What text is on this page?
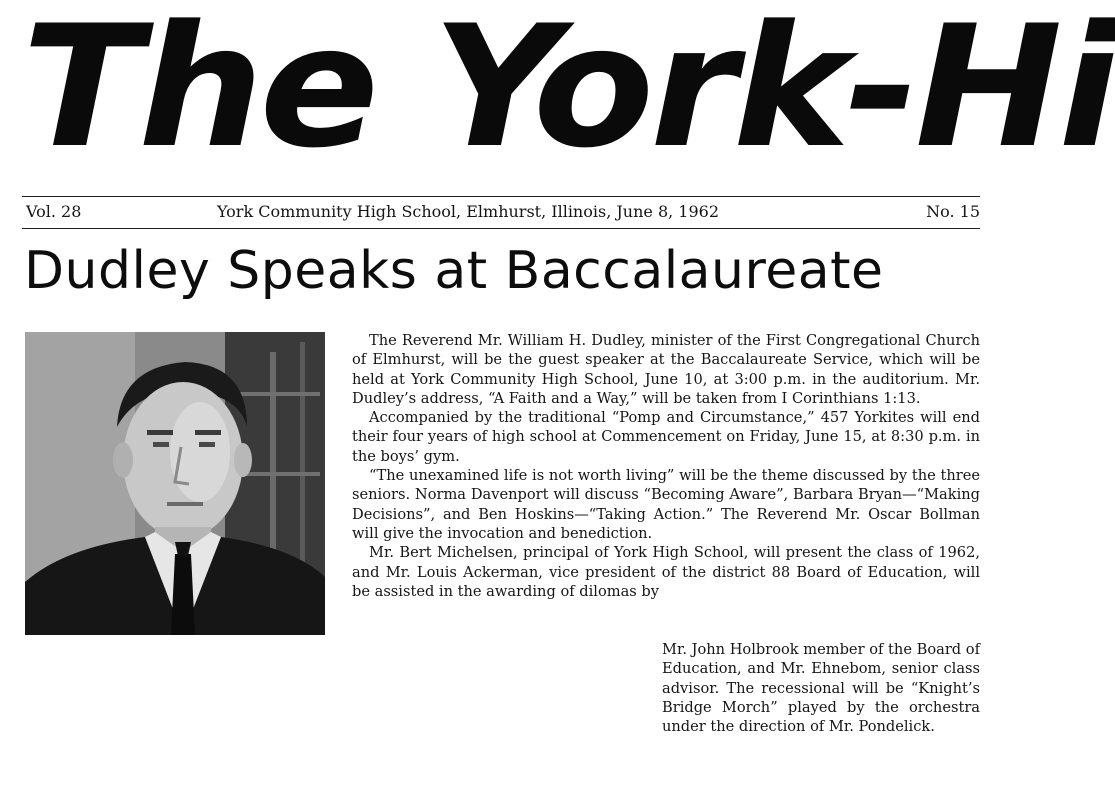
The York-Hi
Vol. 28	York Community High School, Elmhurst, Illinois, June 8, 1962	No. 15
Dudley Speaks at Baccalaureate

The Reverend Mr. William H. Dudley, minister of the First Congregational Church of Elmhurst, will be the guest speaker at the Baccalaureate Service, which will be held at York Community High School, June 10, at 3:00 p.m. in the auditorium. Mr. Dudley’s address, “A Faith and a Way,” will be taken from I Corinthians 1:13.

Accompanied by the traditional “Pomp and Circumstance,” 457 Yorkites will end their four years of high school at Commencement on Friday, June 15, at 8:30 p.m. in the boys’ gym.

“The unexamined life is not worth living” will be the theme discussed by the three seniors. Norma Davenport will discuss “Becoming Aware”, Barbara Bryan—“Making Decisions”, and Ben Hoskins—“Taking Action.” The Reverend Mr. Oscar Bollman will give the invocation and benediction.

Mr. Bert Michelsen, principal of York High School, will present the class of 1962, and Mr. Louis Ackerman, vice president of the district 88 Board of Education, will be assisted in the awarding of dilomas by

Mr. John Holbrook member of the Board of Education, and Mr. Ehnebom, senior class advisor. The recessional will be “Knight’s Bridge Morch” played by the orchestra under the direction of Mr. Pondelick.
